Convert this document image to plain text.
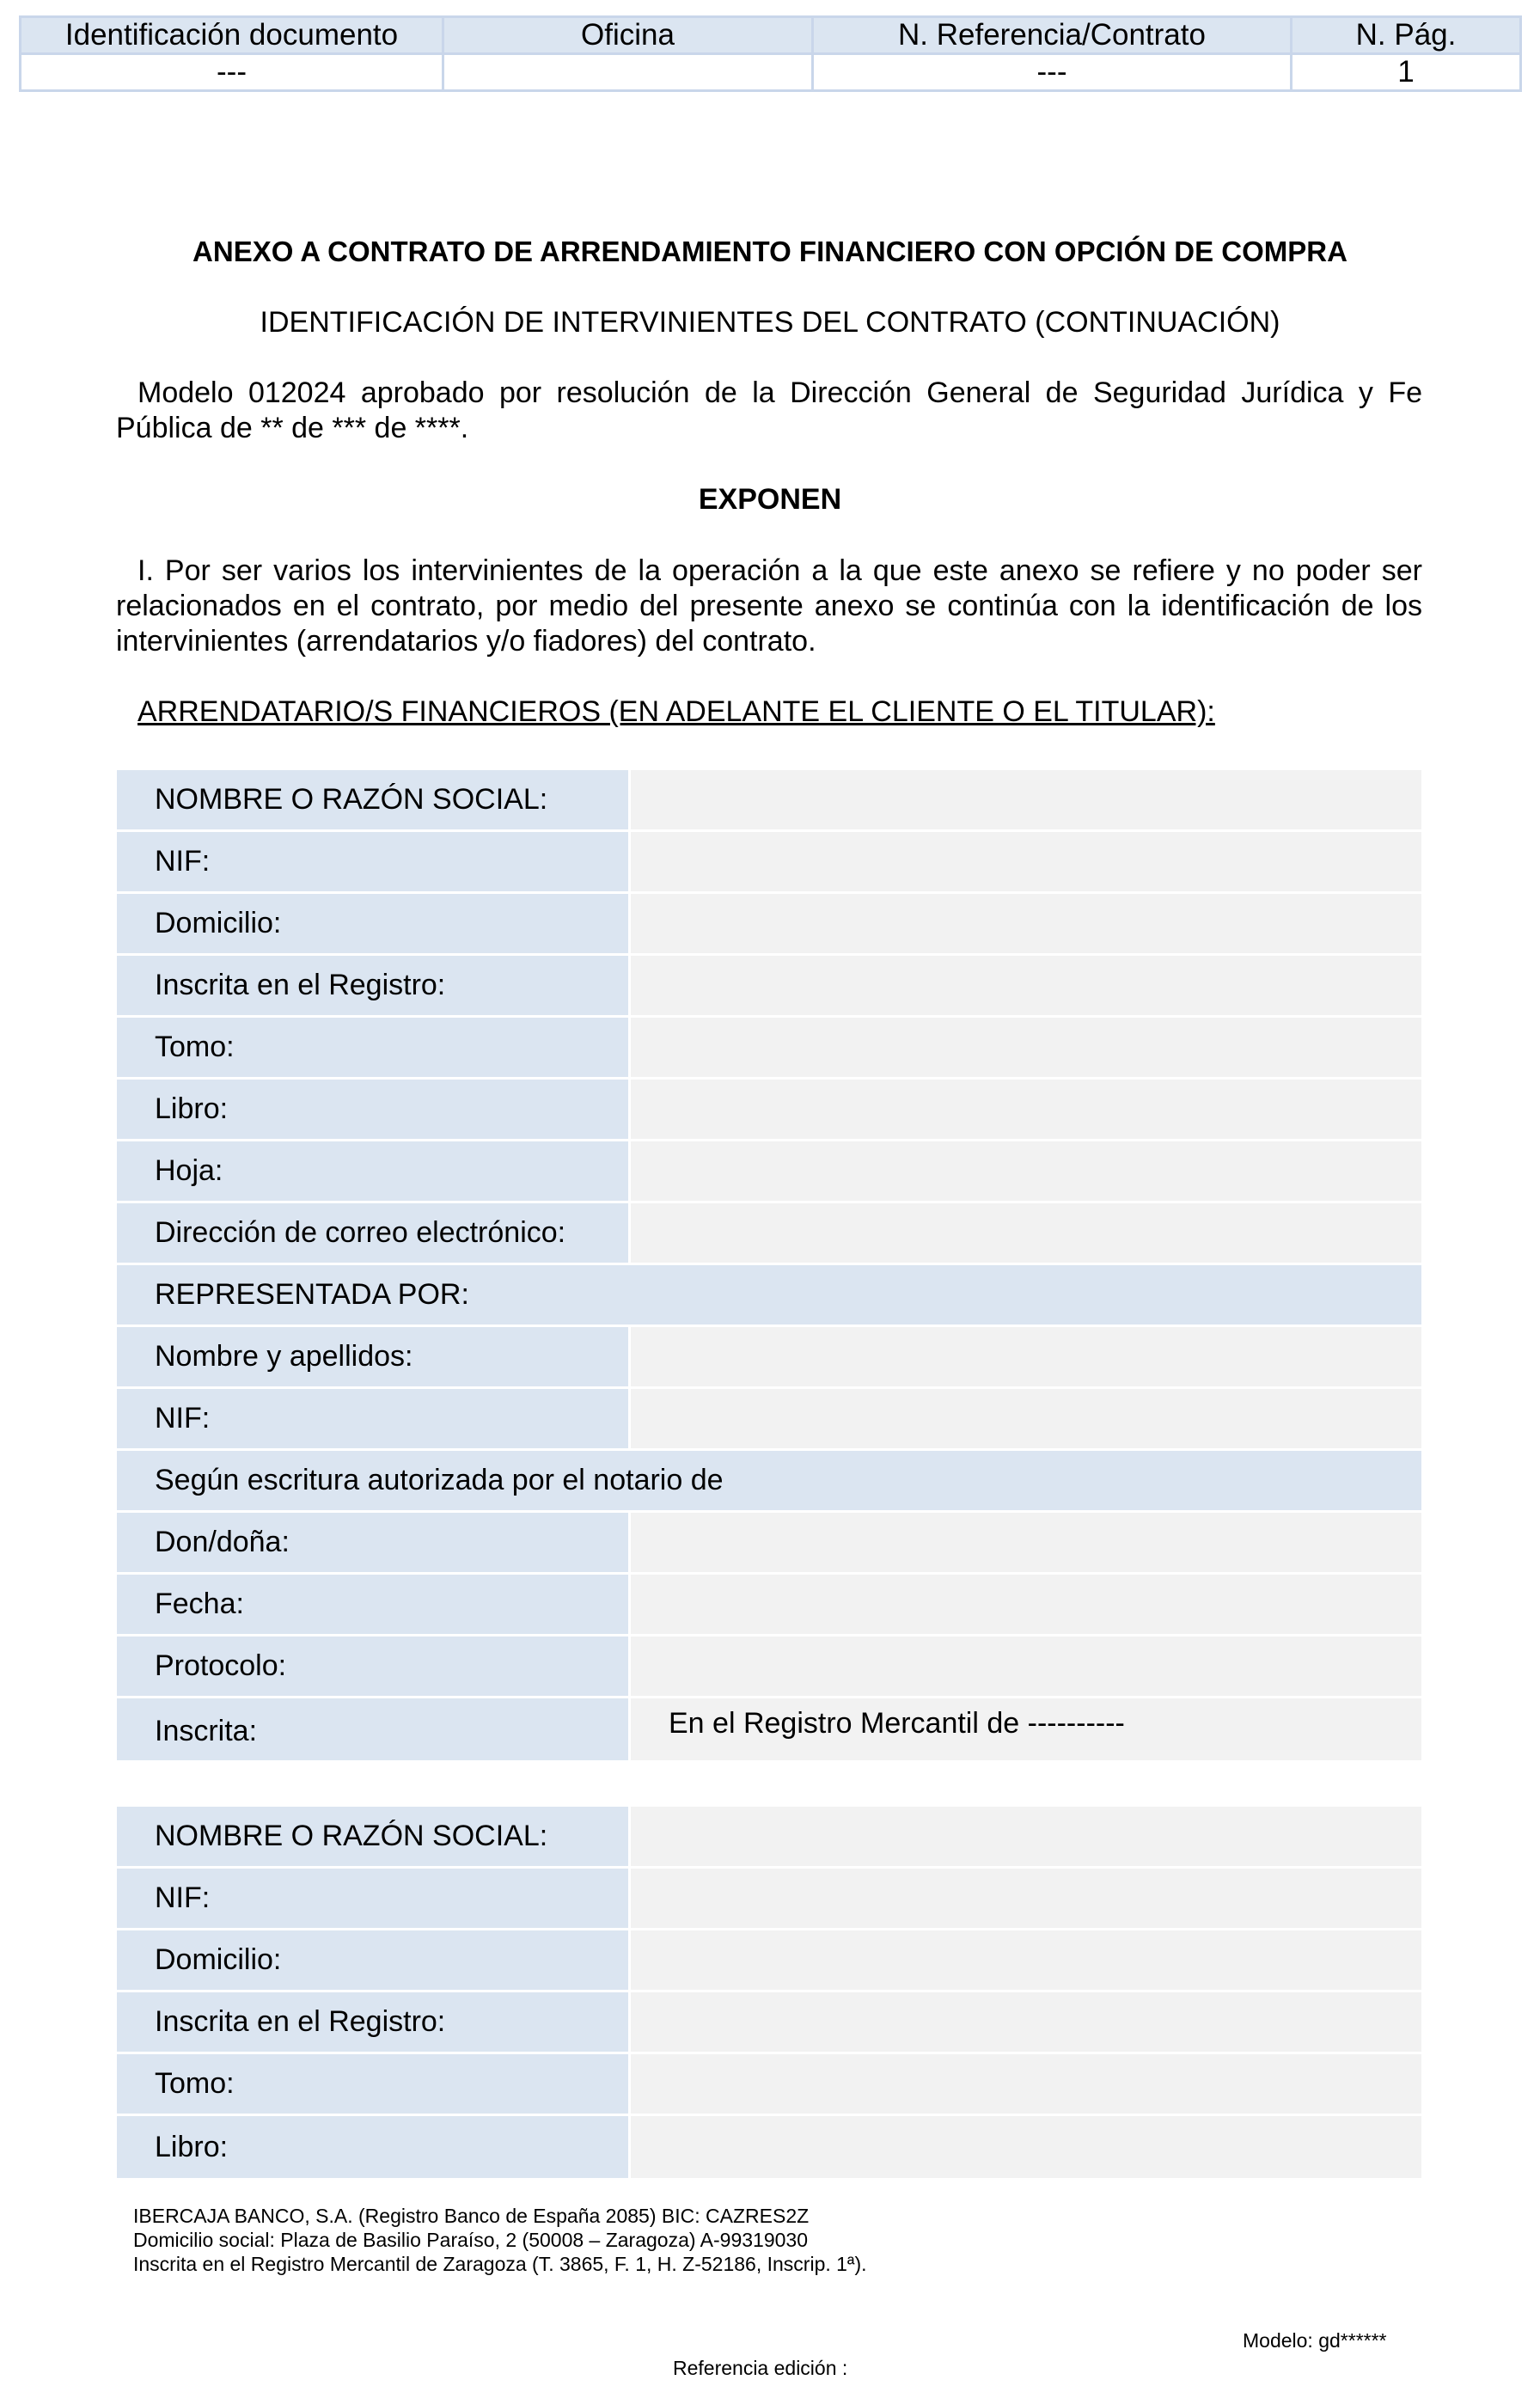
Identificación documento	Oficina	N. Referencia/Contrato	N. Pág.
---		---	1
ANEXO A CONTRATO DE ARRENDAMIENTO FINANCIERO CON OPCIÓN DE COMPRA
IDENTIFICACIÓN DE INTERVINIENTES DEL CONTRATO (CONTINUACIÓN)

Modelo 012024 aprobado por resolución de la Dirección General de Seguridad Jurídica y Fe Pública de ** de *** de ****.

EXPONEN

I. Por ser varios los intervinientes de la operación a la que este anexo se refiere y no poder ser relacionados en el contrato, por medio del presente anexo se continúa con la identificación de los intervinientes (arrendatarios y/o fiadores) del contrato.

ARRENDATARIO/S FINANCIEROS (EN ADELANTE EL CLIENTE O EL TITULAR):
NOMBRE O RAZÓN SOCIAL:
NIF:
Domicilio:
Inscrita en el Registro:
Tomo:
Libro:
Hoja:
Dirección de correo electrónico:
REPRESENTADA POR:
Nombre y apellidos:
NIF:
Según escritura autorizada por el notario de
Don/doña:
Fecha:
Protocolo:
Inscrita:	En el Registro Mercantil de ----------
NOMBRE O RAZÓN SOCIAL:
NIF:
Domicilio:
Inscrita en el Registro:
Tomo:
Libro:
IBERCAJA BANCO, S.A. (Registro Banco de España 2085) BIC: CAZRES2Z
Domicilio social: Plaza de Basilio Paraíso, 2 (50008 – Zaragoza) A-99319030
Inscrita en el Registro Mercantil de Zaragoza (T. 3865, F. 1, H. Z-52186, Inscrip. 1ª).
Modelo: gd******
Referencia edición :
